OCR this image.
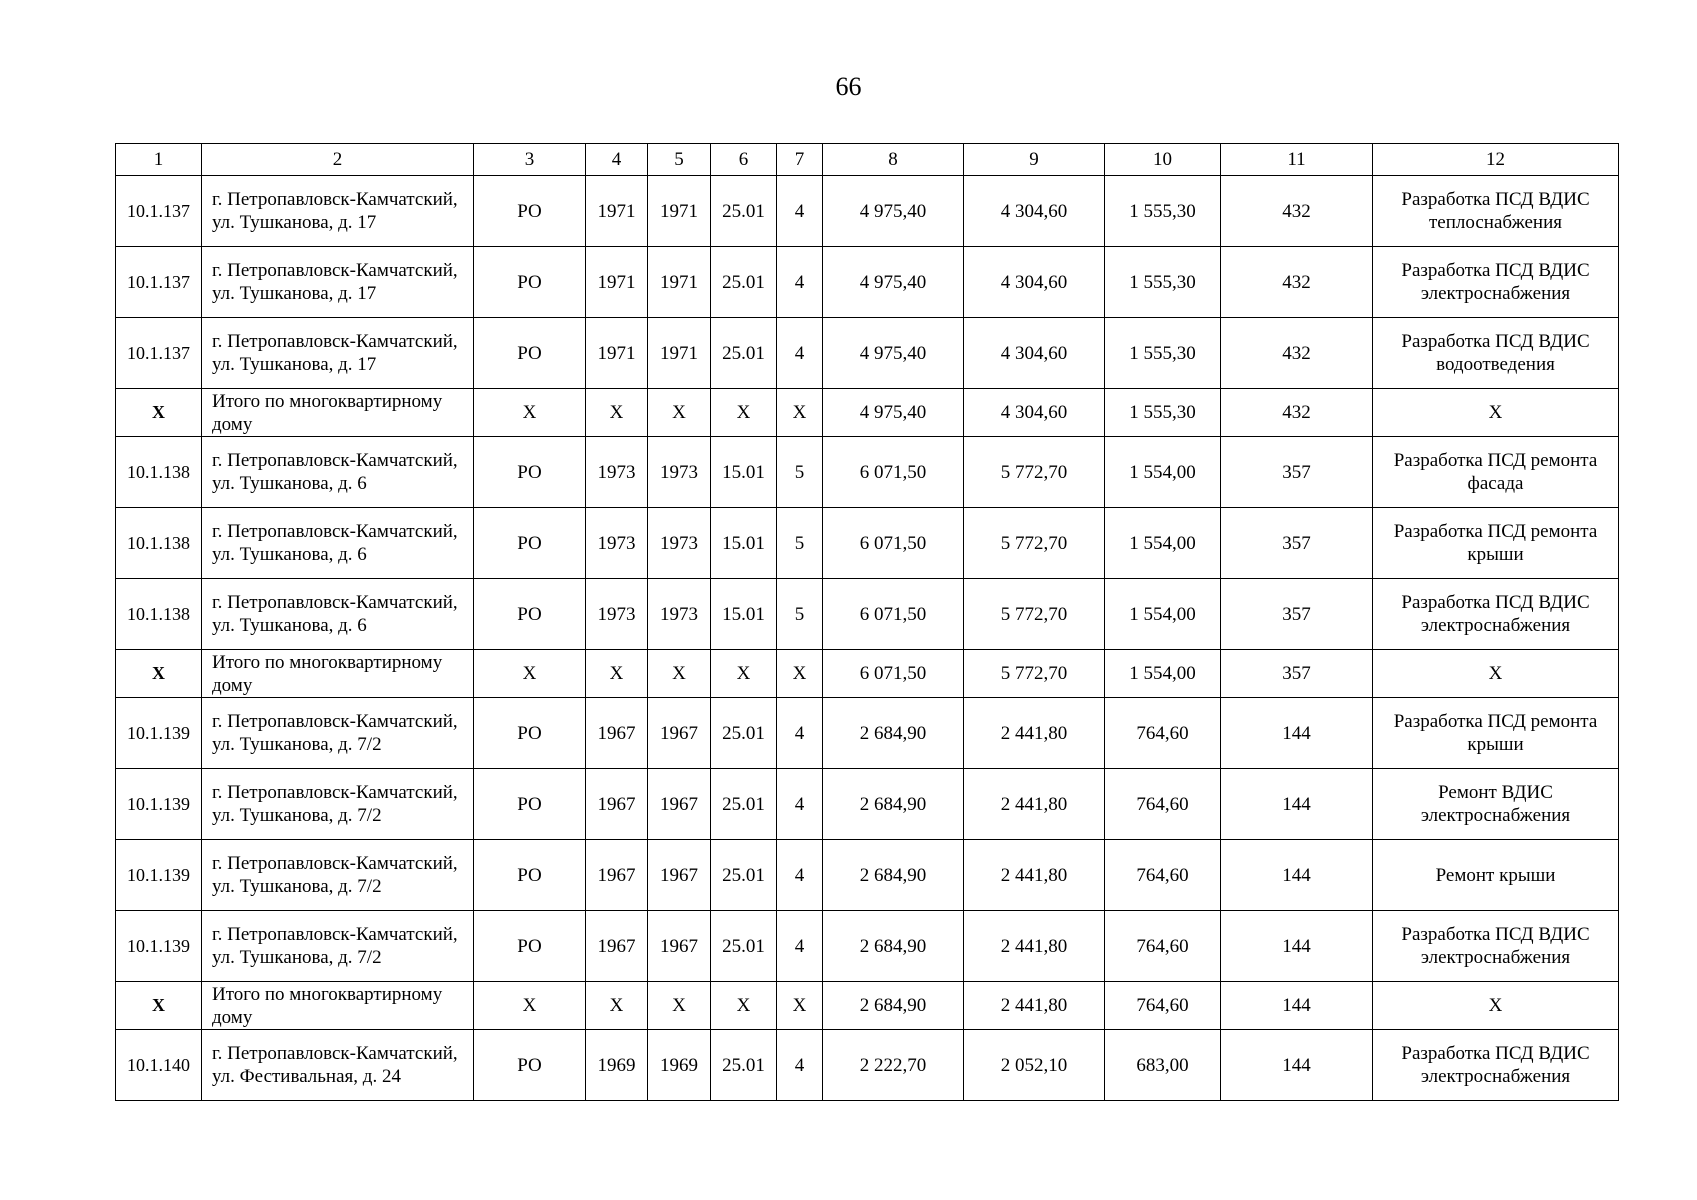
66
1	2	3	4	5	6	7	8	9	10	11	12
10.1.137	г. Петропавловск-Камчатский, ул. Тушканова, д. 17	РО	1971	1971	25.01	4	4 975,40	4 304,60	1 555,30	432	Разработка ПСД ВДИС теплоснабжения
10.1.137	г. Петропавловск-Камчатский, ул. Тушканова, д. 17	РО	1971	1971	25.01	4	4 975,40	4 304,60	1 555,30	432	Разработка ПСД ВДИС электроснабжения
10.1.137	г. Петропавловск-Камчатский, ул. Тушканова, д. 17	РО	1971	1971	25.01	4	4 975,40	4 304,60	1 555,30	432	Разработка ПСД ВДИС водоотведения
X	Итого по многоквартирному дому	X	X	X	X	X	4 975,40	4 304,60	1 555,30	432	X
10.1.138	г. Петропавловск-Камчатский, ул. Тушканова, д. 6	РО	1973	1973	15.01	5	6 071,50	5 772,70	1 554,00	357	Разработка ПСД ремонта фасада
10.1.138	г. Петропавловск-Камчатский, ул. Тушканова, д. 6	РО	1973	1973	15.01	5	6 071,50	5 772,70	1 554,00	357	Разработка ПСД ремонта крыши
10.1.138	г. Петропавловск-Камчатский, ул. Тушканова, д. 6	РО	1973	1973	15.01	5	6 071,50	5 772,70	1 554,00	357	Разработка ПСД ВДИС электроснабжения
X	Итого по многоквартирному дому	X	X	X	X	X	6 071,50	5 772,70	1 554,00	357	X
10.1.139	г. Петропавловск-Камчатский, ул. Тушканова, д. 7/2	РО	1967	1967	25.01	4	2 684,90	2 441,80	764,60	144	Разработка ПСД ремонта крыши
10.1.139	г. Петропавловск-Камчатский, ул. Тушканова, д. 7/2	РО	1967	1967	25.01	4	2 684,90	2 441,80	764,60	144	Ремонт ВДИС электроснабжения
10.1.139	г. Петропавловск-Камчатский, ул. Тушканова, д. 7/2	РО	1967	1967	25.01	4	2 684,90	2 441,80	764,60	144	Ремонт крыши
10.1.139	г. Петропавловск-Камчатский, ул. Тушканова, д. 7/2	РО	1967	1967	25.01	4	2 684,90	2 441,80	764,60	144	Разработка ПСД ВДИС электроснабжения
X	Итого по многоквартирному дому	X	X	X	X	X	2 684,90	2 441,80	764,60	144	X
10.1.140	г. Петропавловск-Камчатский, ул. Фестивальная, д. 24	РО	1969	1969	25.01	4	2 222,70	2 052,10	683,00	144	Разработка ПСД ВДИС электроснабжения
